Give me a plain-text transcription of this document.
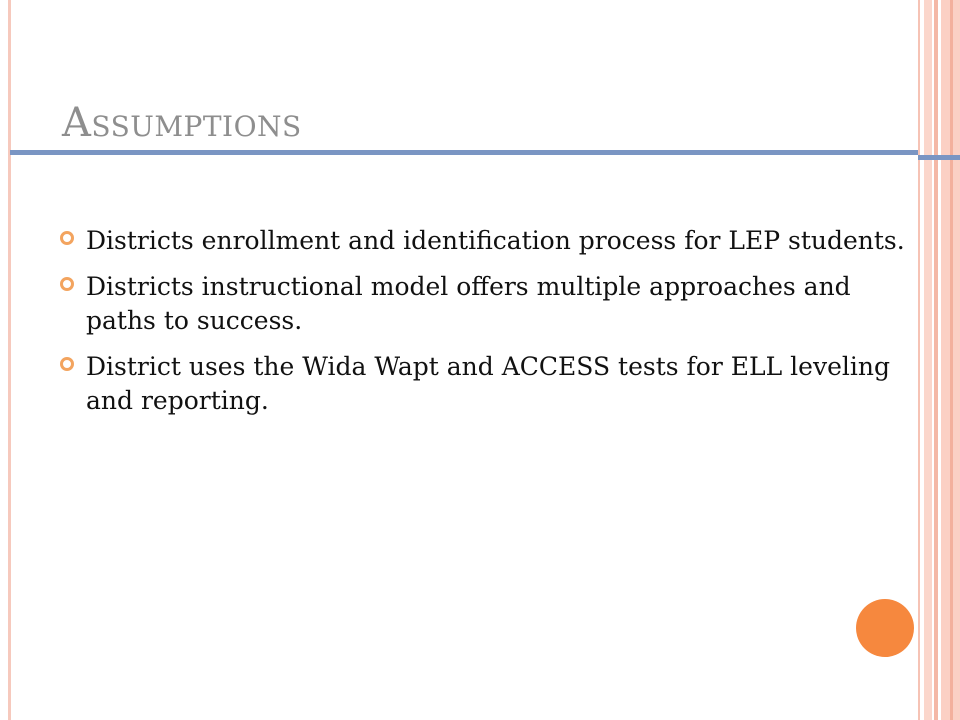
Assumptions
Districts enrollment and identification process for LEP students.
Districts instructional model offers multiple approaches and paths to success.
District uses the Wida Wapt and ACCESS tests for ELL leveling and reporting.
